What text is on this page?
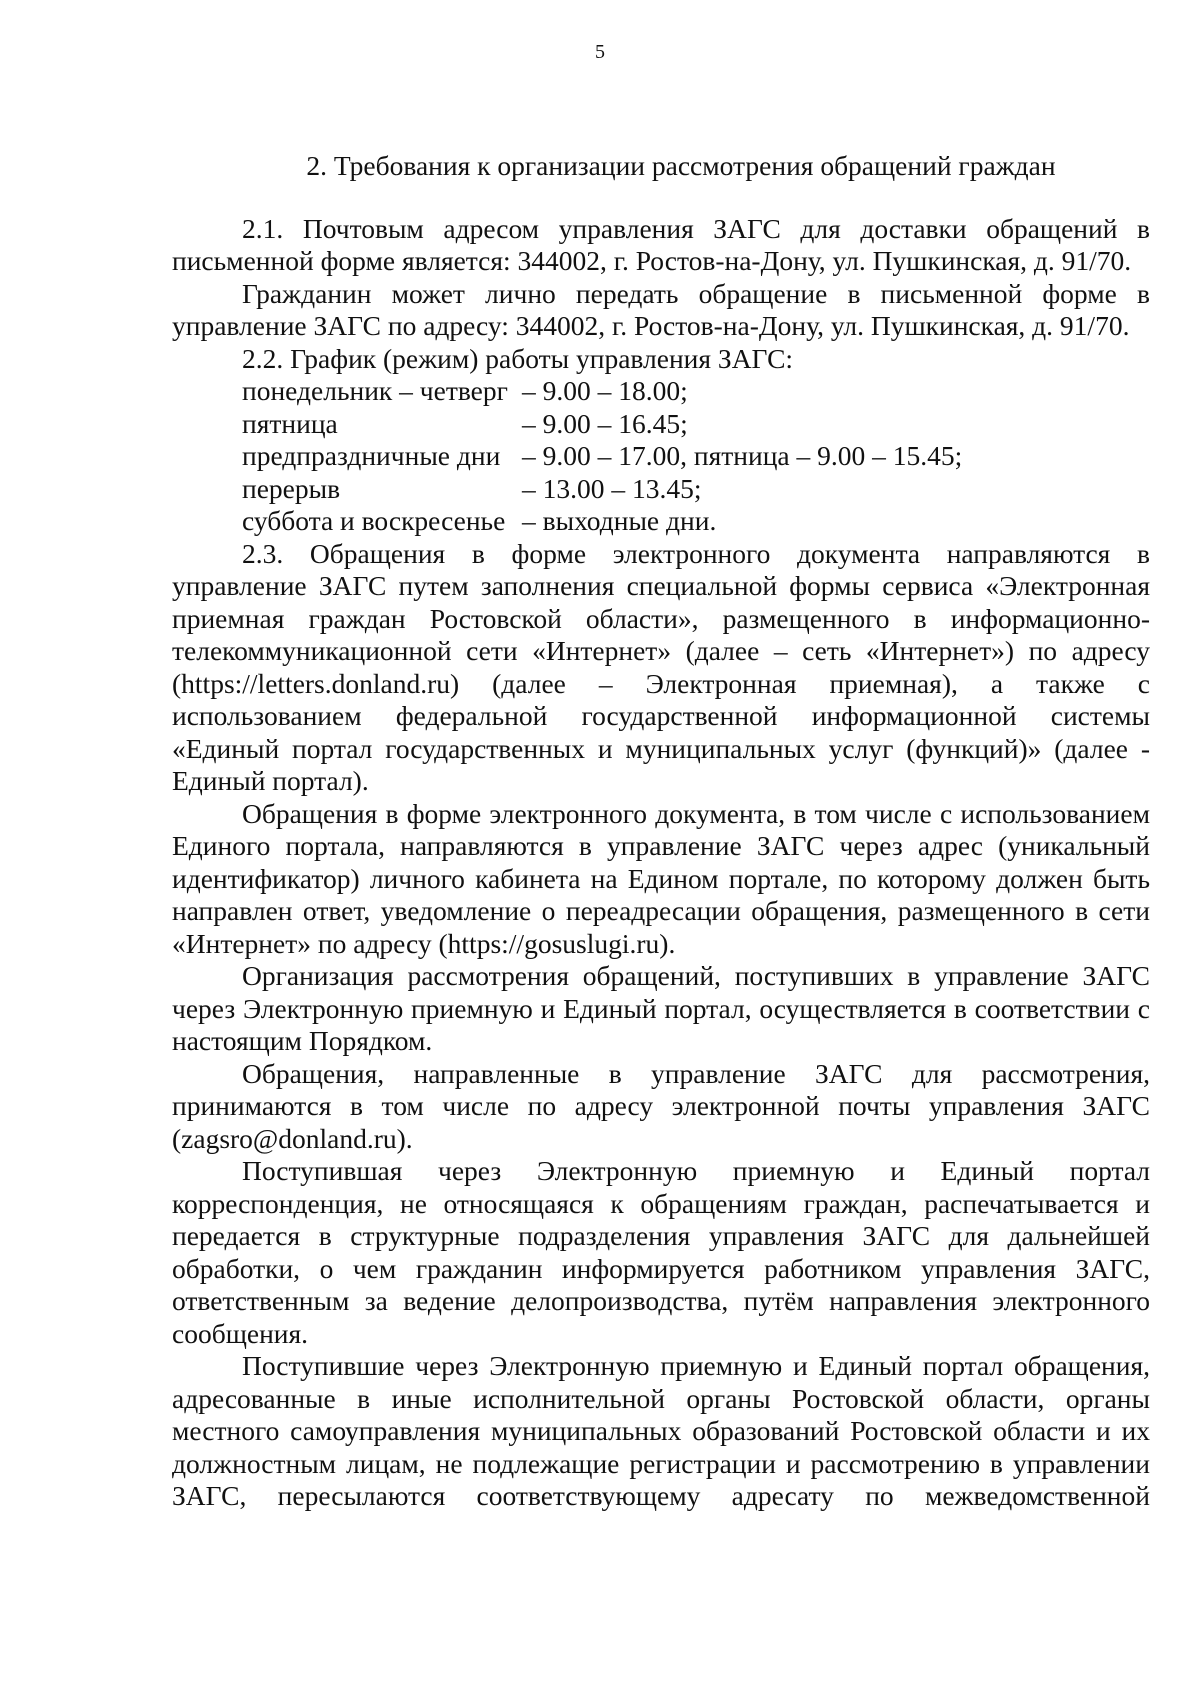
5
2. Требования к организации рассмотрения обращений граждан

2.1. Почтовым адресом управления ЗАГС для доставки обращений в письменной форме является: 344002, г. Ростов-на-Дону, ул. Пушкинская, д. 91/70.

Гражданин может лично передать обращение в письменной форме в управление ЗАГС по адресу: 344002, г. Ростов-на-Дону, ул. Пушкинская, д. 91/70.

2.2. График (режим) работы управления ЗАГС:

понедельник – четверг – 9.00 – 18.00;
пятница	– 9.00 – 16.45;
предпраздничные дни – 9.00 – 17.00, пятница – 9.00 – 15.45;
перерыв	– 13.00 – 13.45;
суббота и воскресенье – выходные дни.

2.3. Обращения в форме электронного документа направляются в управление ЗАГС путем заполнения специальной формы сервиса «Электронная приемная граждан Ростовской области», размещенного в информационно-телекоммуникационной сети «Интернет» (далее – сеть «Интернет») по адресу (https://letters.donland.ru) (далее – Электронная приемная), а также с использованием федеральной государственной информационной системы «Единый портал государственных и муниципальных услуг (функций)» (далее - Единый портал).

Обращения в форме электронного документа, в том числе с использованием Единого портала, направляются в управление ЗАГС через адрес (уникальный идентификатор) личного кабинета на Едином портале, по которому должен быть направлен ответ, уведомление о переадресации обращения, размещенного в сети «Интернет» по адресу (https://gosuslugi.ru).

Организация рассмотрения обращений, поступивших в управление ЗАГС через Электронную приемную и Единый портал, осуществляется в соответствии с настоящим Порядком.

Обращения, направленные в управление ЗАГС для рассмотрения, принимаются в том числе по адресу электронной почты управления ЗАГС (zagsro@donland.ru).

Поступившая через Электронную приемную и Единый портал корреспонденция, не относящаяся к обращениям граждан, распечатывается и передается в структурные подразделения управления ЗАГС для дальнейшей обработки, о чем гражданин информируется работником управления ЗАГС, ответственным за ведение делопроизводства, путём направления электронного сообщения.

Поступившие через Электронную приемную и Единый портал обращения, адресованные в иные исполнительной органы Ростовской области, органы местного самоуправления муниципальных образований Ростовской области и их должностным лицам, не подлежащие регистрации и рассмотрению в управлении ЗАГС, пересылаются соответствующему адресату по межведомственной
